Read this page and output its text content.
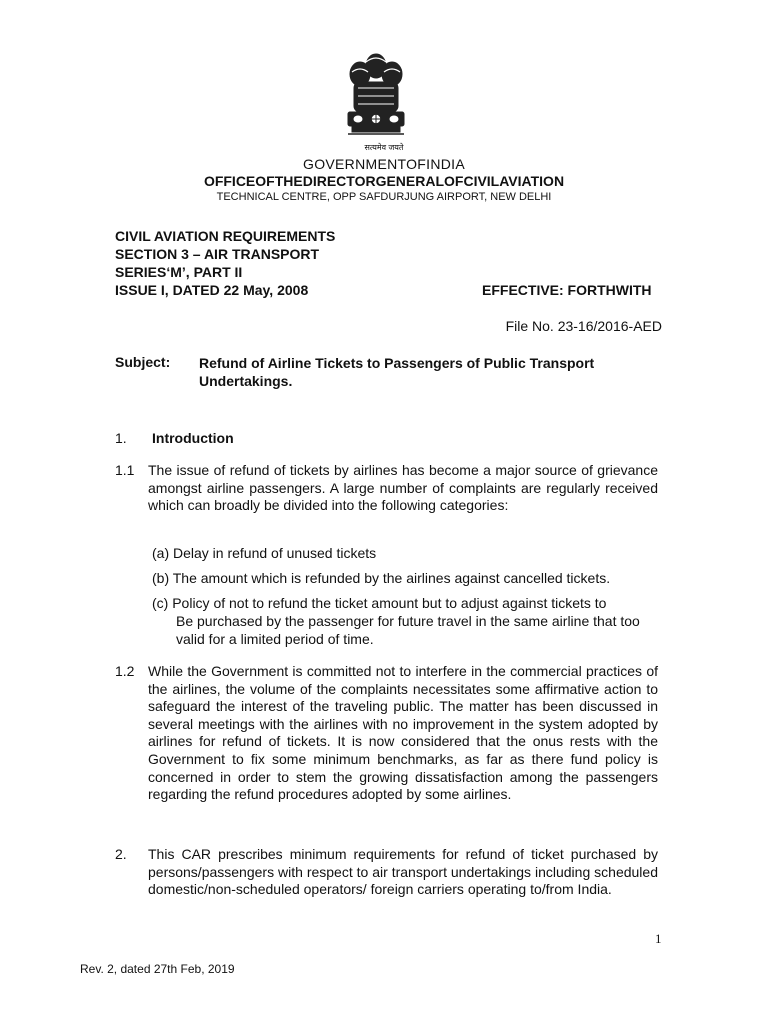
सत्यमेव जयते
GOVERNMENTOFINDIA
OFFICEOFTHEDIRECTORGENERALOFCIVILAVIATION
TECHNICAL CENTRE, OPP SAFDURJUNG AIRPORT, NEW DELHI
CIVIL AVIATION REQUIREMENTS
SECTION 3 – AIR TRANSPORT
SERIES‘M’, PART II
ISSUE I, DATED 22 May, 2008	EFFECTIVE: FORTHWITH
File No. 23-16/2016-AED
Subject: Refund of Airline Tickets to Passengers of Public Transport Undertakings.
1. Introduction
1.1 The issue of refund of tickets by airlines has become a major source of grievance amongst airline passengers. A large number of complaints are regularly received which can broadly be divided into the following categories:
(a) Delay in refund of unused tickets
(b) The amount which is refunded by the airlines against cancelled tickets.
(c) Policy of not to refund the ticket amount but to adjust against tickets to
Be purchased by the passenger for future travel in the same airline that too valid for a limited period of time.
1.2 While the Government is committed not to interfere in the commercial practices of the airlines, the volume of the complaints necessitates some affirmative action to safeguard the interest of the traveling public. The matter has been discussed in several meetings with the airlines with no improvement in the system adopted by airlines for refund of tickets. It is now considered that the onus rests with the Government to fix some minimum benchmarks, as far as there fund policy is concerned in order to stem the growing dissatisfaction among the passengers regarding the refund procedures adopted by some airlines.
2. This CAR prescribes minimum requirements for refund of ticket purchased by persons/passengers with respect to air transport undertakings including scheduled domestic/non-scheduled operators/ foreign carriers operating to/from India.
1
Rev. 2, dated 27th Feb, 2019
